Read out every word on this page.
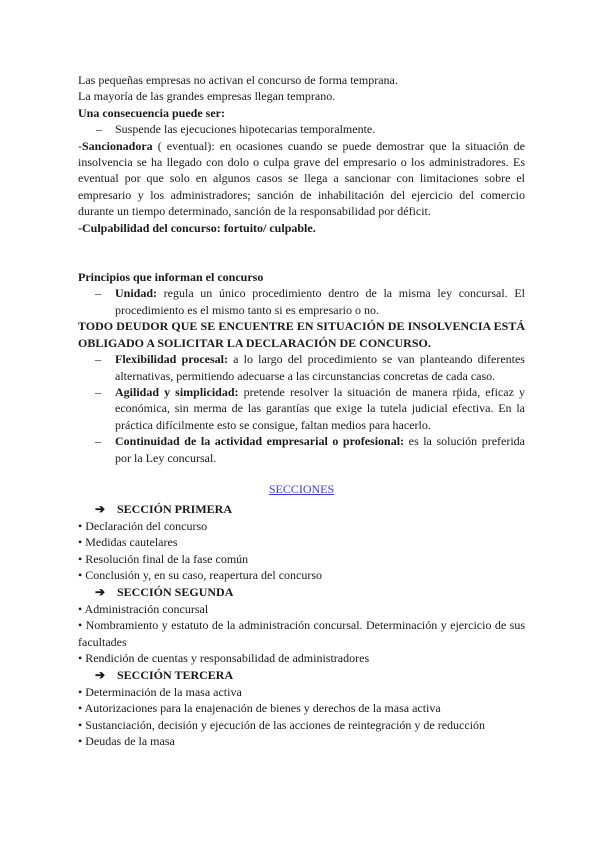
Las pequeñas empresas no activan el concurso de forma temprana.

La mayoría de las grandes empresas llegan temprano.

Una consecuencia puede ser:

– Suspende las ejecuciones hipotecarias temporalmente.

-Sancionadora ( eventual): en ocasiones cuando se puede demostrar que la situación de insolvencia se ha llegado con dolo o culpa grave del empresario o los administradores. Es eventual por que solo en algunos casos se llega a sancionar con limitaciones sobre el empresario y los administradores; sanción de inhabilitación del ejercicio del comercio durante un tiempo determinado, sanción de la responsabilidad por déficit.

-Culpabilidad del concurso: fortuito/ culpable.

Principios que informan el concurso

– Unidad: regula un único procedimiento dentro de la misma ley concursal. El procedimiento es el mismo tanto si es empresario o no.

TODO DEUDOR QUE SE ENCUENTRE EN SITUACIÓN DE INSOLVENCIA ESTÁ OBLIGADO A SOLICITAR LA DECLARACIÓN DE CONCURSO.

– Flexibilidad procesal: a lo largo del procedimiento se van planteando diferentes alternativas, permitiendo adecuarse a las circunstancias concretas de cada caso.
– Agilidad y simplicidad: pretende resolver la situación de manera rp̈ida, eficaz y económica, sin merma de las garantías que exige la tutela judicial efectiva. En la práctica difícilmente esto se consigue, faltan medios para hacerlo.
– Continuidad de la actividad empresarial o profesional: es la solución preferida por la Ley concursal.

SECCIONES

➔ SECCIÓN PRIMERA

• Declaración del concurso

• Medidas cautelares

• Resolución final de la fase común

• Conclusión y, en su caso, reapertura del concurso

➔ SECCIÓN SEGUNDA

• Administración concursal

• Nombramiento y estatuto de la administración concursal. Determinación y ejercicio de sus facultades

• Rendición de cuentas y responsabilidad de administradores

➔ SECCIÓN TERCERA

• Determinación de la masa activa

• Autorizaciones para la enajenación de bienes y derechos de la masa activa

• Sustanciación, decisión y ejecución de las acciones de reintegración y de reducción

• Deudas de la masa
